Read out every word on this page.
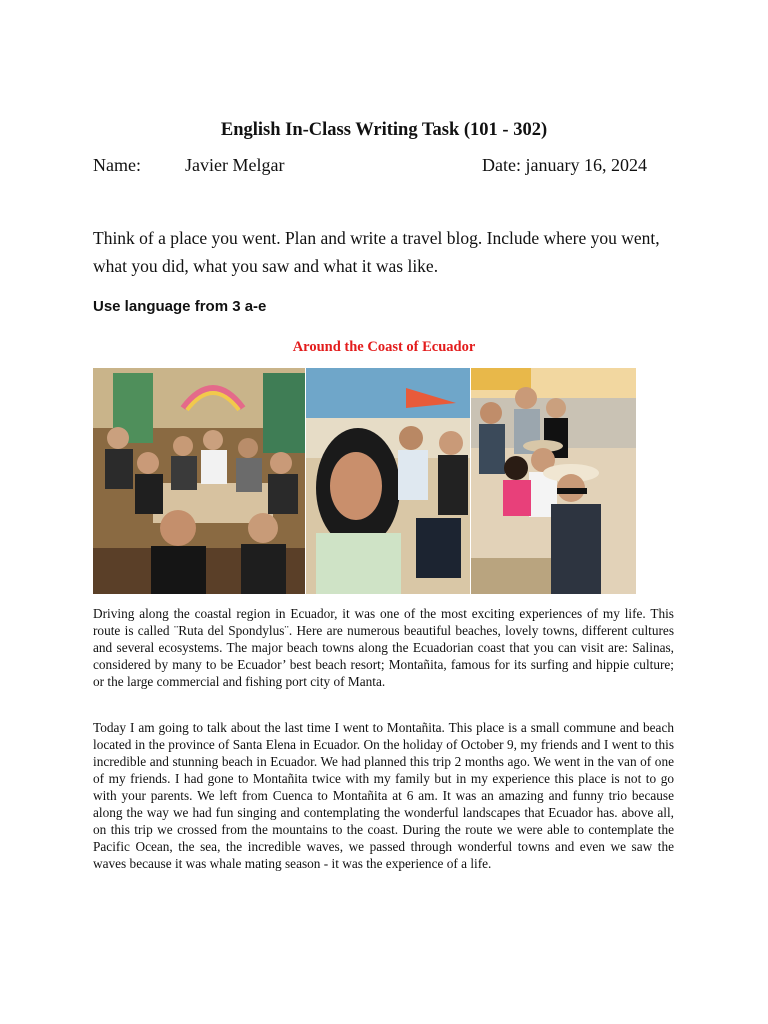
English In-Class Writing Task (101 - 302)
Name: Javier Melgar	Date: january 16, 2024
Think of a place you went. Plan and write a travel blog. Include where you went, what you did, what you saw and what it was like.
Use language from 3 a-e
Around the Coast of Ecuador

Driving along the coastal region in Ecuador, it was one of the most exciting experiences of my life. This route is called ¨Ruta del Spondylus¨. Here are numerous beautiful beaches, lovely towns, different cultures and several ecosystems. The major beach towns along the Ecuadorian coast that you can visit are: Salinas, considered by many to be Ecuador’ best beach resort; Montañita, famous for its surfing and hippie culture; or the large commercial and fishing port city of Manta.

Today I am going to talk about the last time I went to Montañita. This place is a small commune and beach located in the province of Santa Elena in Ecuador. On the holiday of October 9, my friends and I went to this incredible and stunning beach in Ecuador. We had planned this trip 2 months ago. We went in the van of one of my friends. I had gone to Montañita twice with my family but in my experience this place is not to go with your parents. We left from Cuenca to Montañita at 6 am. It was an amazing and funny trio because along the way we had fun singing and contemplating the wonderful landscapes that Ecuador has. above all, on this trip we crossed from the mountains to the coast. During the route we were able to contemplate the Pacific Ocean, the sea, the incredible waves, we passed through wonderful towns and even we saw the waves because it was whale mating season - it was the experience of a life.
